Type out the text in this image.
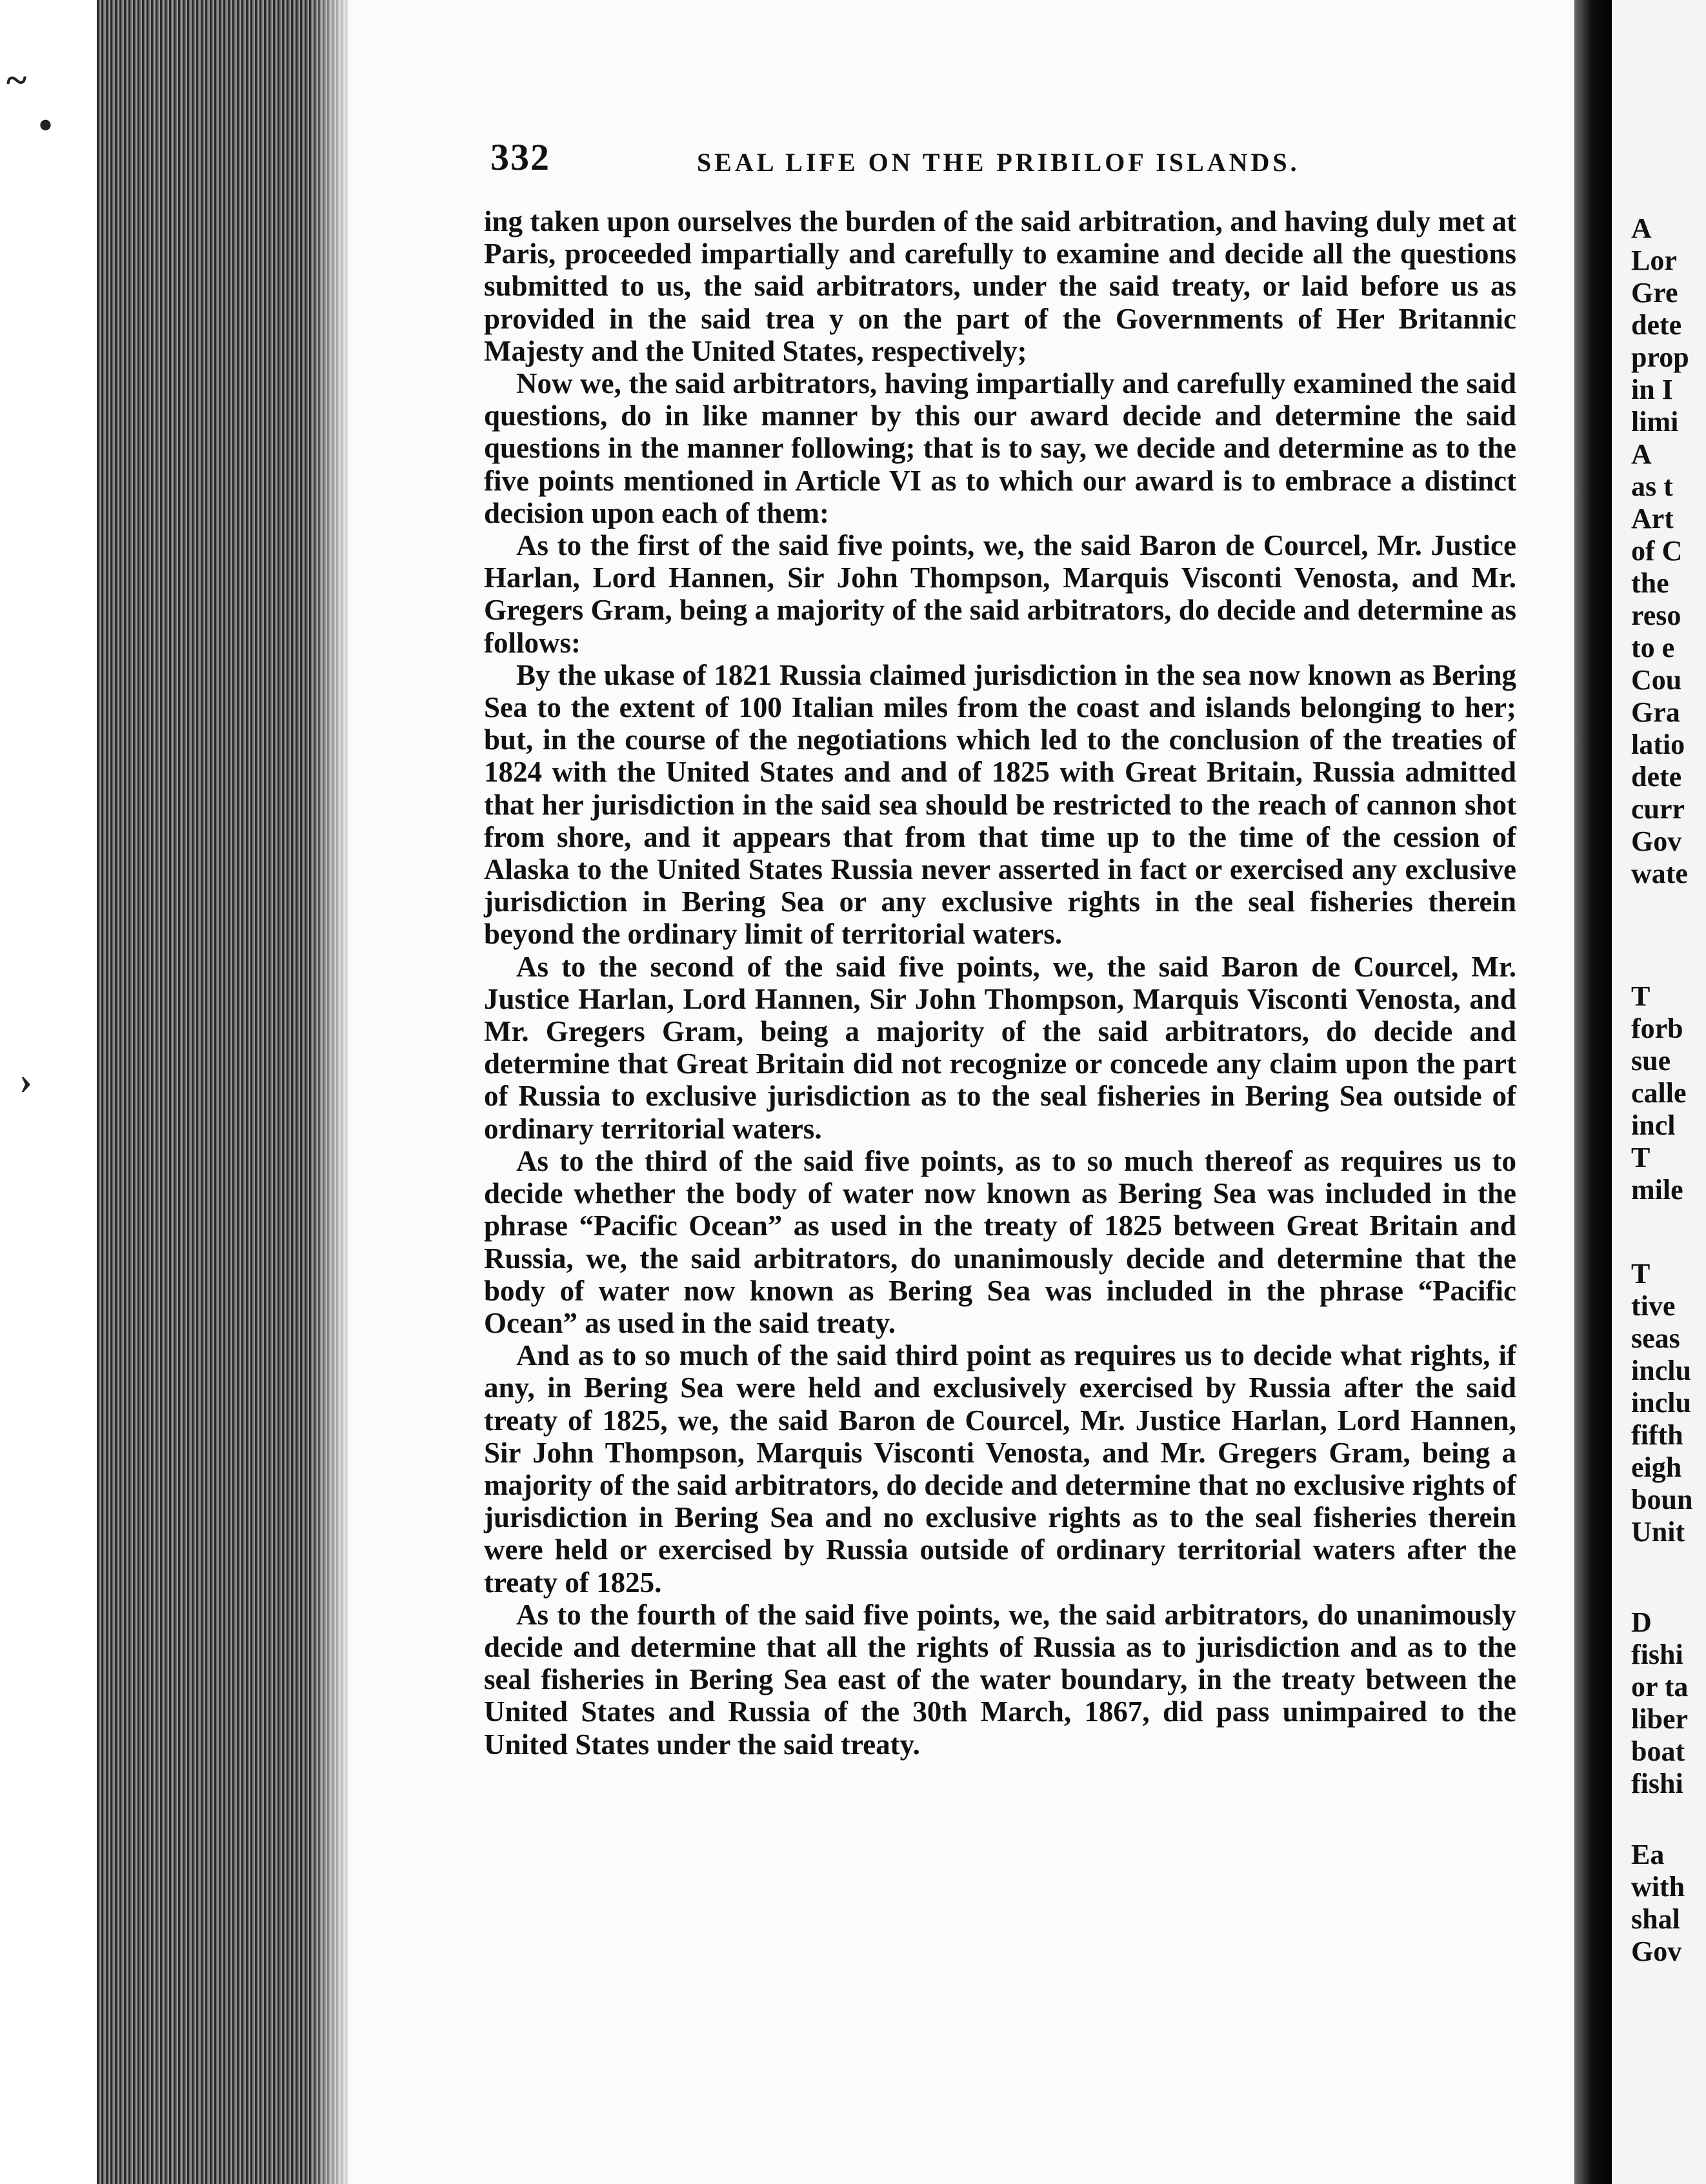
~
•
›
332	SEAL LIFE ON THE PRIBILOF ISLANDS.

ing taken upon ourselves the burden of the said arbitration, and having duly met at Paris, proceeded impartially and carefully to examine and decide all the questions submitted to us, the said arbitrators, under the said treaty, or laid before us as provided in the said trea y on the part of the Governments of Her Britannic Majesty and the United States, respectively;

Now we, the said arbitrators, having impartially and carefully examined the said questions, do in like manner by this our award decide and determine the said questions in the manner following; that is to say, we decide and determine as to the five points mentioned in Article VI as to which our award is to embrace a distinct decision upon each of them:

As to the first of the said five points, we, the said Baron de Courcel, Mr. Justice Harlan, Lord Hannen, Sir John Thompson, Marquis Visconti Venosta, and Mr. Gregers Gram, being a majority of the said arbitrators, do decide and determine as follows:

By the ukase of 1821 Russia claimed jurisdiction in the sea now known as Bering Sea to the extent of 100 Italian miles from the coast and islands belonging to her; but, in the course of the negotiations which led to the conclusion of the treaties of 1824 with the United States and and of 1825 with Great Britain, Russia admitted that her jurisdiction in the said sea should be restricted to the reach of cannon shot from shore, and it appears that from that time up to the time of the cession of Alaska to the United States Russia never asserted in fact or exercised any exclusive jurisdiction in Bering Sea or any exclusive rights in the seal fisheries therein beyond the ordinary limit of territorial waters.

As to the second of the said five points, we, the said Baron de Courcel, Mr. Justice Harlan, Lord Hannen, Sir John Thompson, Marquis Visconti Venosta, and Mr. Gregers Gram, being a majority of the said arbitrators, do decide and determine that Great Britain did not recognize or concede any claim upon the part of Russia to exclusive jurisdiction as to the seal fisheries in Bering Sea outside of ordinary territorial waters.

As to the third of the said five points, as to so much thereof as requires us to decide whether the body of water now known as Bering Sea was included in the phrase “Pacific Ocean” as used in the treaty of 1825 between Great Britain and Russia, we, the said arbitrators, do unanimously decide and determine that the body of water now known as Bering Sea was included in the phrase “Pacific Ocean” as used in the said treaty.

And as to so much of the said third point as requires us to decide what rights, if any, in Bering Sea were held and exclusively exercised by Russia after the said treaty of 1825, we, the said Baron de Courcel, Mr. Justice Harlan, Lord Hannen, Sir John Thompson, Marquis Visconti Venosta, and Mr. Gregers Gram, being a majority of the said arbitrators, do decide and determine that no exclusive rights of jurisdiction in Bering Sea and no exclusive rights as to the seal fisheries therein were held or exercised by Russia outside of ordinary territorial waters after the treaty of 1825.

As to the fourth of the said five points, we, the said arbitrators, do unanimously decide and determine that all the rights of Russia as to jurisdiction and as to the seal fisheries in Bering Sea east of the water boundary, in the treaty between the United States and Russia of the 30th March, 1867, did pass unimpaired to the United States under the said treaty.

A
Lor
Gre
dete
prop
in I
limi
A
as t
Art
of C
the
reso
to e
Cou
Gra
latio
dete
curr
Gov
wate
T
forb
sue
calle
incl
T
mile
T
tive
seas
inclu
inclu
fifth
eigh
boun
Unit
D
fishi
or ta
liber
boat
fishi
Ea
with
shal
Gov
